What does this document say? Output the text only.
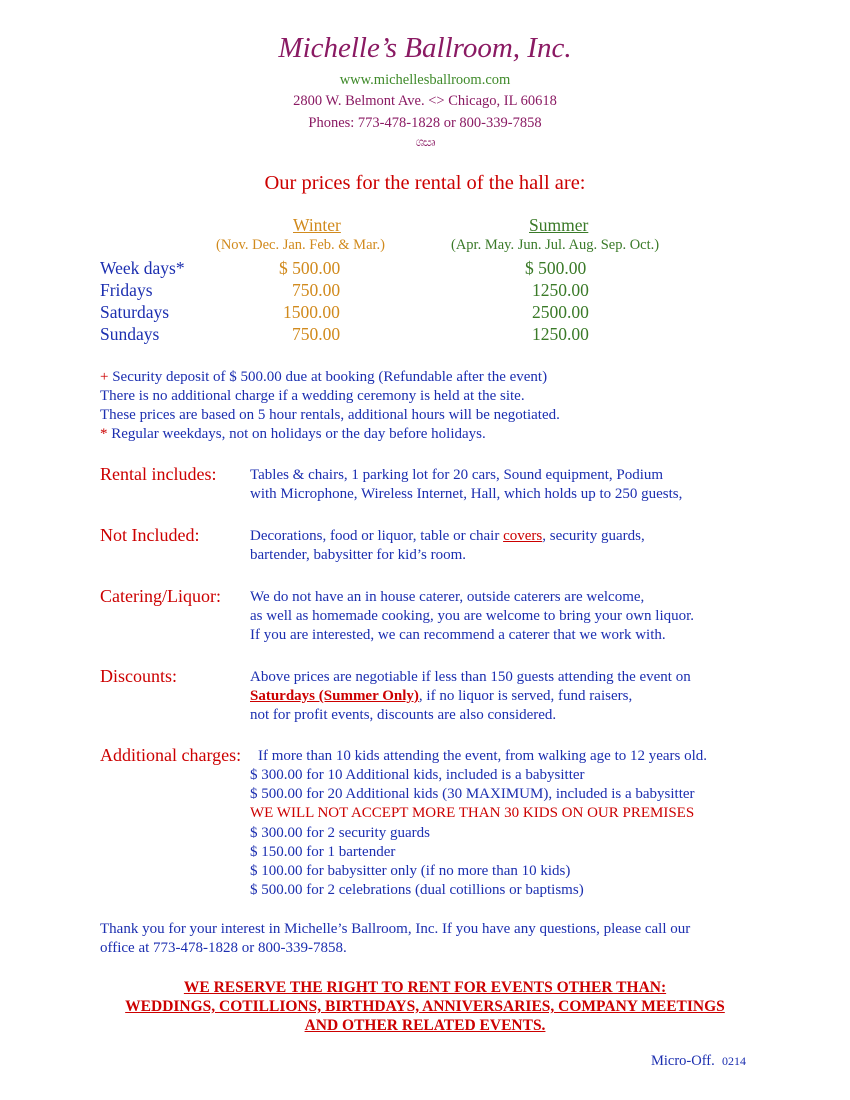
Michelle’s Ballroom, Inc.
www.michellesballroom.com
2800 W. Belmont Ave. <> Chicago, IL 60618
Phones: 773-478-1828 or 800-339-7858
ශඍ
Our prices for the rental of the hall are:
Winter
(Nov. Dec. Jan. Feb. & Mar.)
Summer
(Apr. May. Jun. Jul. Aug. Sep. Oct.)
Week days*	$ 500.00	$ 500.00
Fridays	750.00	1250.00
Saturdays	1500.00	2500.00
Sundays	750.00	1250.00
+ Security deposit of $ 500.00 due at booking (Refundable after the event)
There is no additional charge if a wedding ceremony is held at the site.
These prices are based on 5 hour rentals, additional hours will be negotiated.
* Regular weekdays, not on holidays or the day before holidays.
Rental includes: Tables & chairs, 1 parking lot for 20 cars, Sound equipment, Podium
with Microphone, Wireless Internet, Hall, which holds up to 250 guests,
Not Included:	Decorations, food or liquor, table or chair covers, security guards,
bartender, babysitter for kid’s room.
Catering/Liquor: We do not have an in house caterer, outside caterers are welcome,
as well as homemade cooking, you are welcome to bring your own liquor.
If you are interested, we can recommend a caterer that we work with.
Discounts:	Above prices are negotiable if less than 150 guests attending the event on
Saturdays (Summer Only), if no liquor is served, fund raisers,
not for profit events, discounts are also considered.
Additional charges: If more than 10 kids attending the event, from walking age to 12 years old.
$ 300.00 for 10 Additional kids, included is a babysitter
$ 500.00 for 20 Additional kids (30 MAXIMUM), included is a babysitter
WE WILL NOT ACCEPT MORE THAN 30 KIDS ON OUR PREMISES
$ 300.00 for 2 security guards
$ 150.00 for 1 bartender
$ 100.00 for babysitter only (if no more than 10 kids)
$ 500.00 for 2 celebrations (dual cotillions or baptisms)
Thank you for your interest in Michelle’s Ballroom, Inc. If you have any questions, please call our
office at 773-478-1828 or 800-339-7858.
WE RESERVE THE RIGHT TO RENT FOR EVENTS OTHER THAN:
WEDDINGS, COTILLIONS, BIRTHDAYS, ANNIVERSARIES, COMPANY MEETINGS
AND OTHER RELATED EVENTS.
Micro-Off. 0214
